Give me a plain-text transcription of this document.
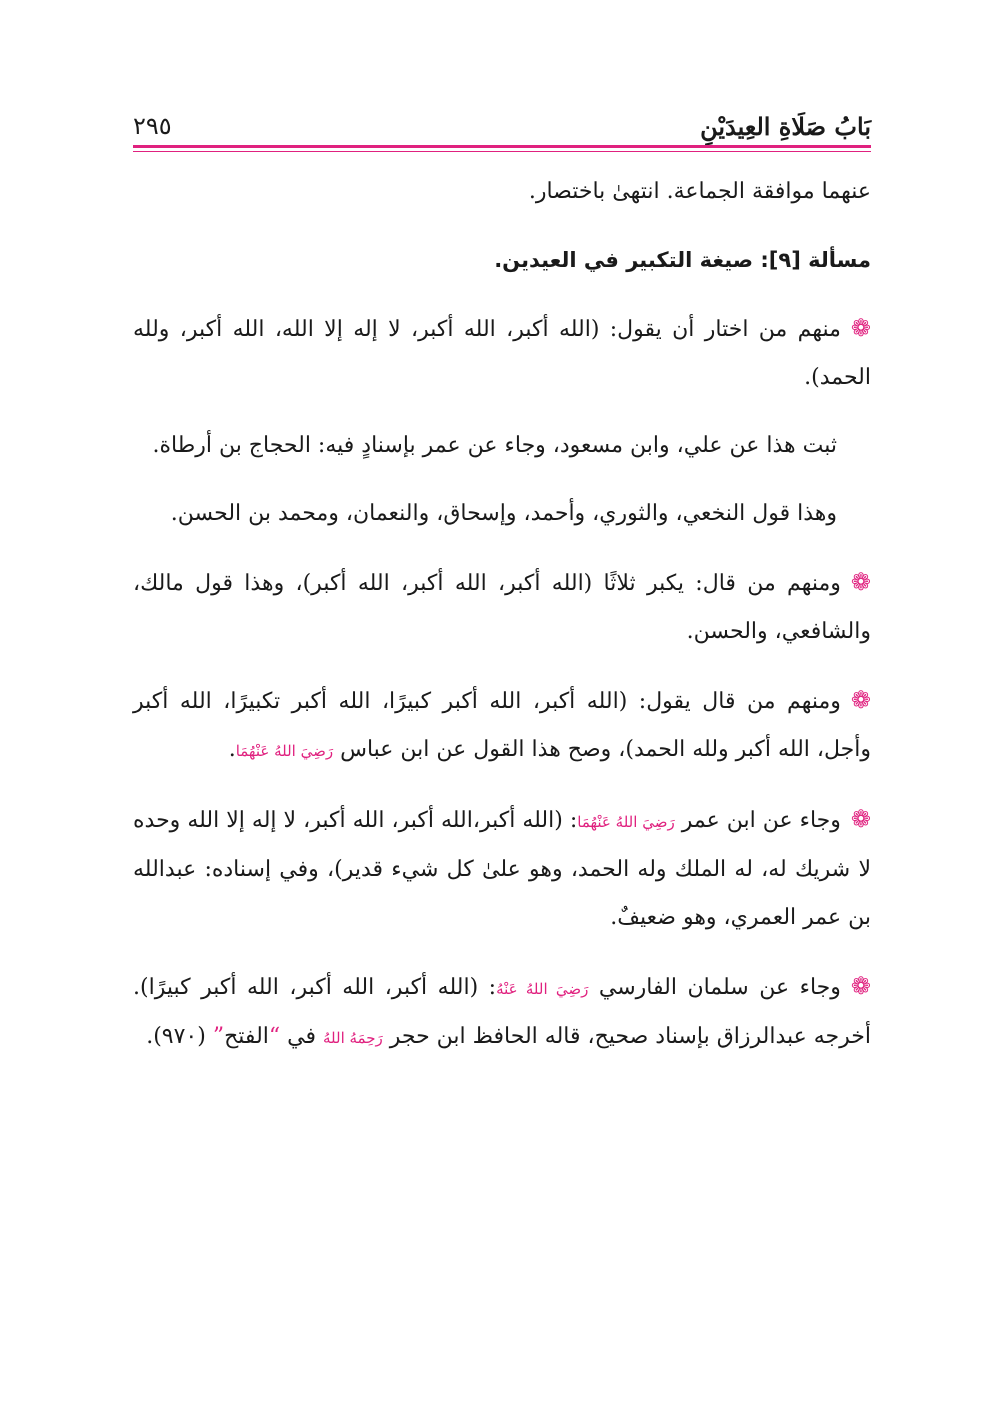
بَابُ صَلَاةِ العِيدَيْنِ
٢٩٥

عنهما موافقة الجماعة. انتهىٰ باختصار.

مسألة [٩]: صيغة التكبير في العيدين.

❁منهم من اختار أن يقول: (الله أكبر، الله أكبر، لا إله إلا الله، الله أكبر، ولله الحمد).

ثبت هذا عن علي، وابن مسعود، وجاء عن عمر بإسنادٍ فيه: الحجاج بن أرطاة.

وهذا قول النخعي، والثوري، وأحمد، وإسحاق، والنعمان، ومحمد بن الحسن.

❁ومنهم من قال: يكبر ثلاثًا (الله أكبر، الله أكبر، الله أكبر)، وهذا قول مالك، والشافعي، والحسن.

❁ومنهم من قال يقول: (الله أكبر، الله أكبر كبيرًا، الله أكبر تكبيرًا، الله أكبر وأجل، الله أكبر ولله الحمد)، وصح هذا القول عن ابن عباس رَضِيَ اللهُ عَنْهُمَا.

❁وجاء عن ابن عمر رَضِيَ اللهُ عَنْهُمَا: (الله أكبر،الله أكبر، الله أكبر، لا إله إلا الله وحده لا شريك له، له الملك وله الحمد، وهو علىٰ كل شيء قدير)، وفي إسناده: عبدالله بن عمر العمري، وهو ضعيفٌ.

❁وجاء عن سلمان الفارسي رَضِيَ اللهُ عَنْهُ: (الله أكبر، الله أكبر، الله أكبر كبيرًا). أخرجه عبدالرزاق بإسناد صحيح، قاله الحافظ ابن حجر رَحِمَهُ اللهُ في “الفتح” (٩٧٠).
